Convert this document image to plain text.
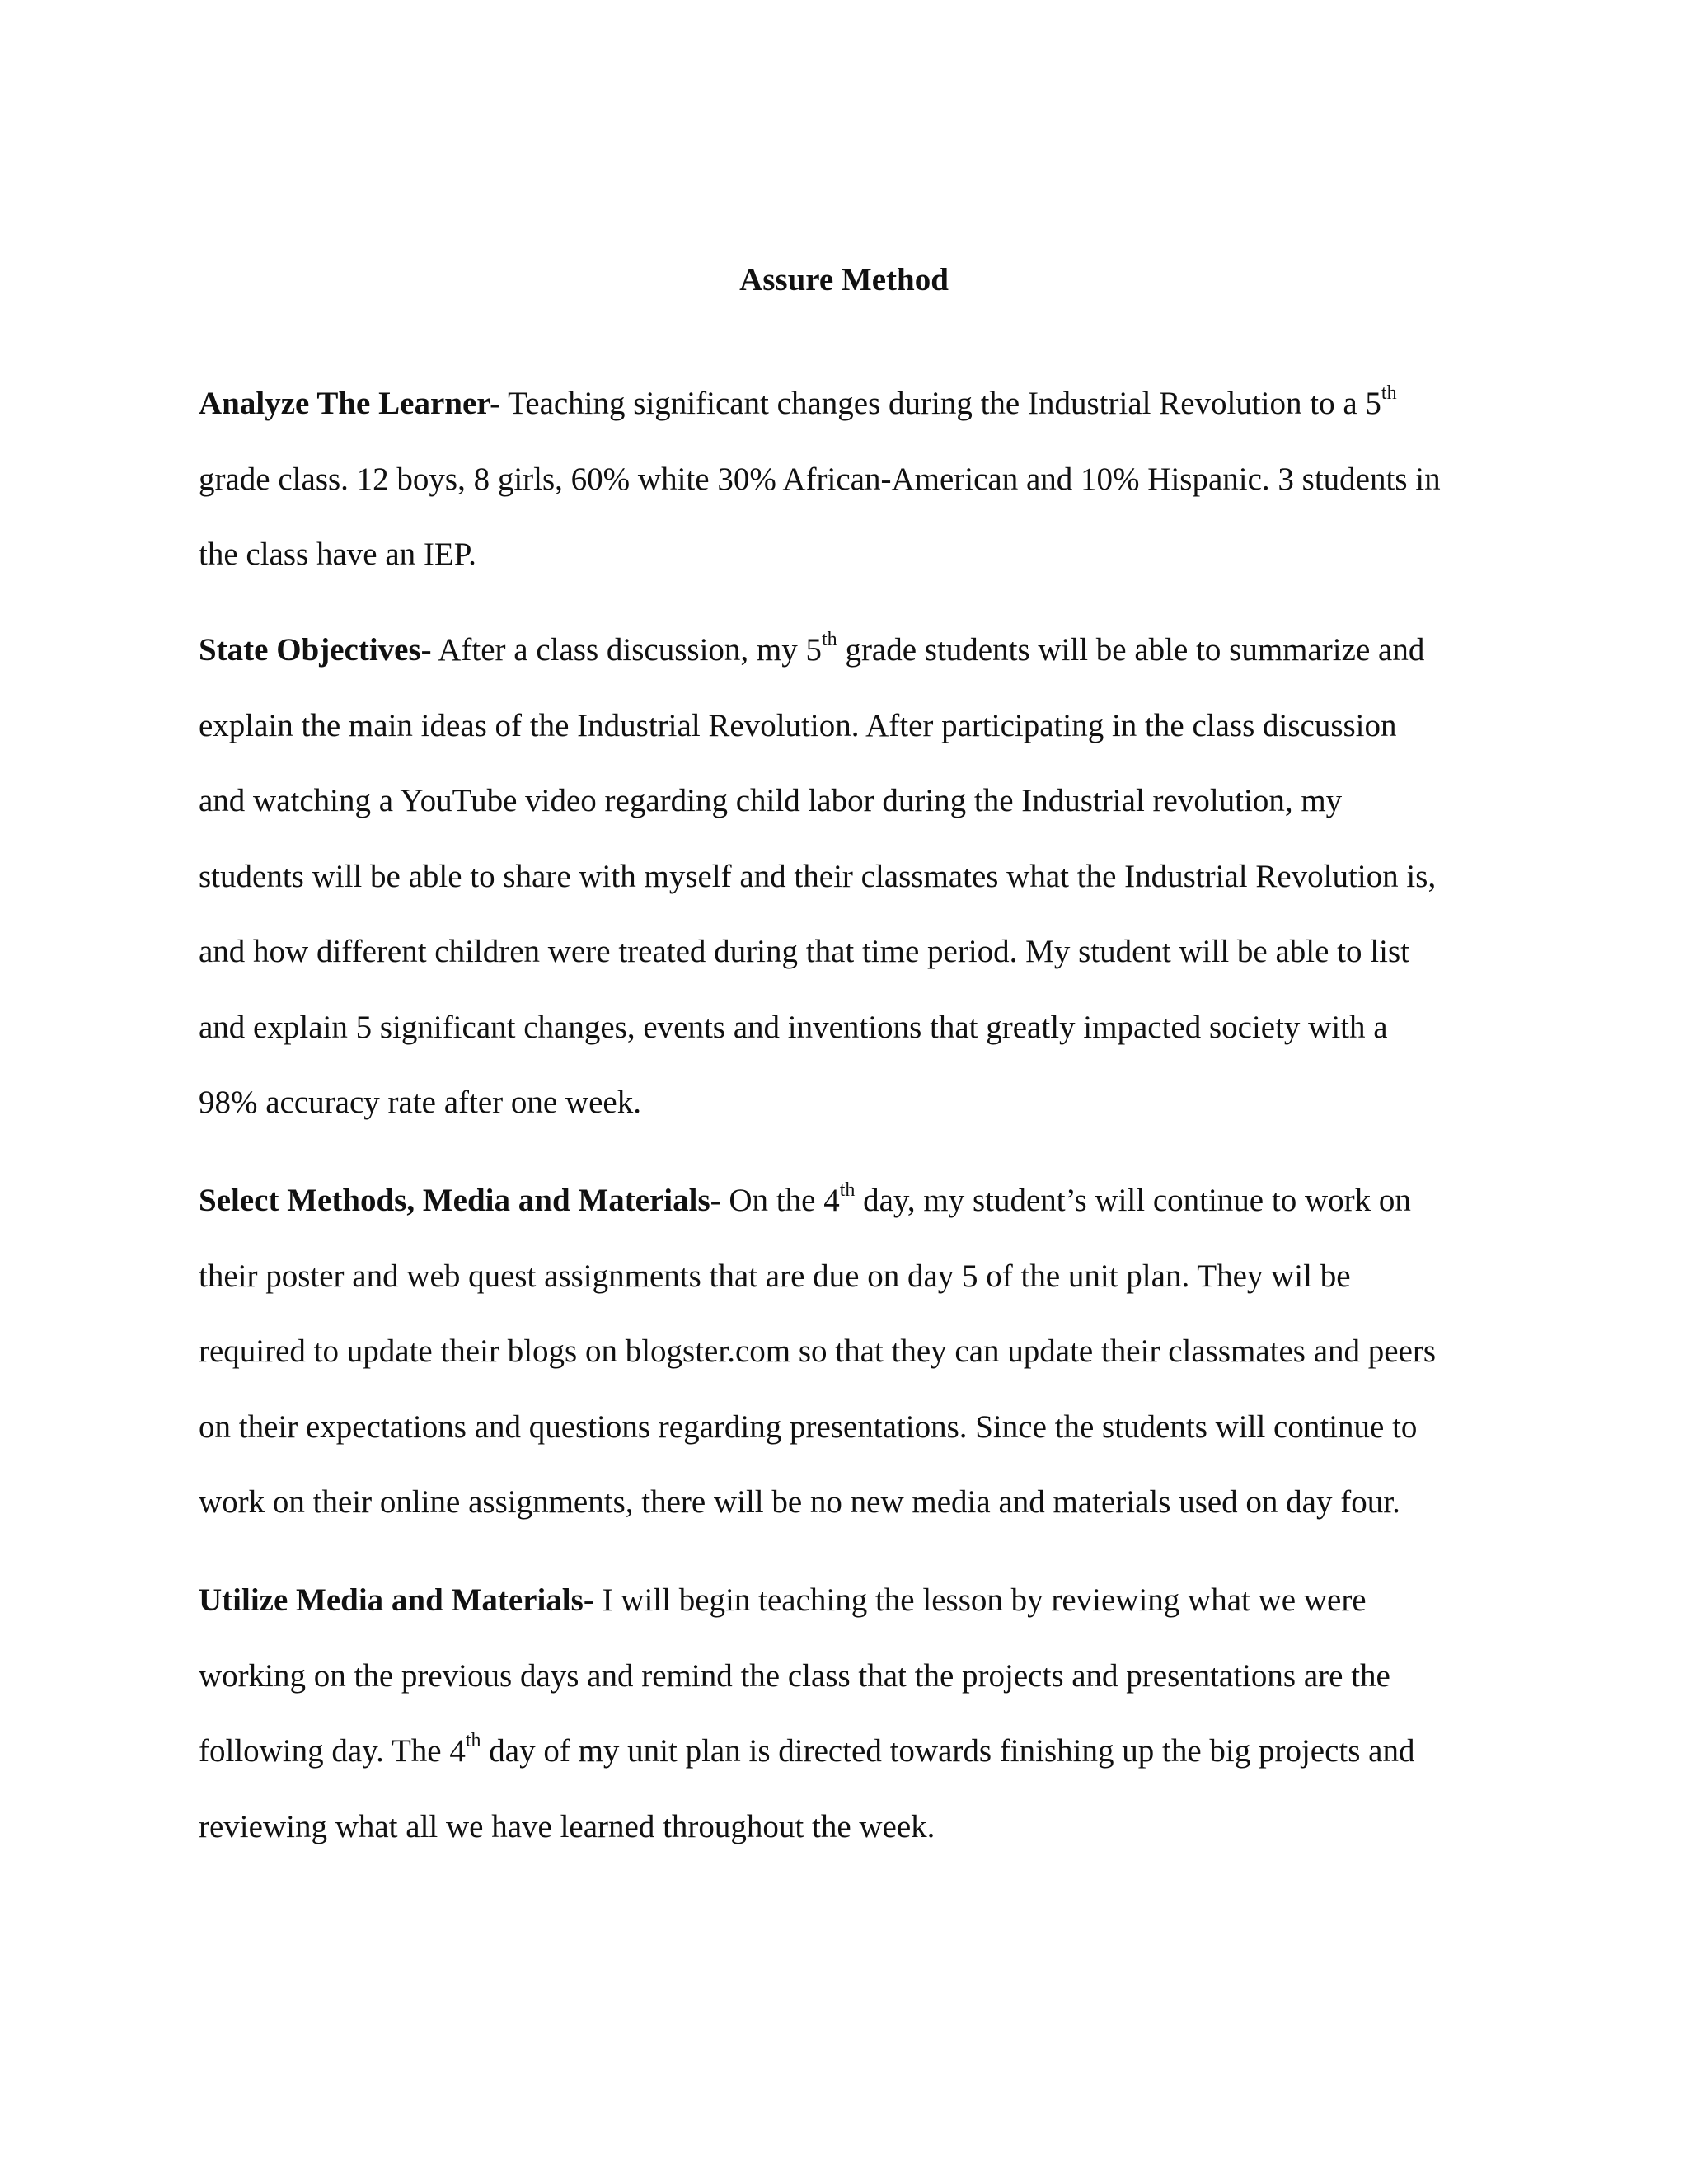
Assure Method

Analyze The Learner- Teaching significant changes during the Industrial Revolution to a 5th
grade class. 12 boys, 8 girls, 60% white 30% African-American and 10% Hispanic. 3 students in
the class have an IEP.

State Objectives- After a class discussion, my 5th grade students will be able to summarize and
explain the main ideas of the Industrial Revolution. After participating in the class discussion
and watching a YouTube video regarding child labor during the Industrial revolution, my
students will be able to share with myself and their classmates what the Industrial Revolution is,
and how different children were treated during that time period. My student will be able to list
and explain 5 significant changes, events and inventions that greatly impacted society with a
98% accuracy rate after one week.

Select Methods, Media and Materials- On the 4th day, my student’s will continue to work on
their poster and web quest assignments that are due on day 5 of the unit plan. They wil be
required to update their blogs on blogster.com so that they can update their classmates and peers
on their expectations and questions regarding presentations. Since the students will continue to
work on their online assignments, there will be no new media and materials used on day four.

Utilize Media and Materials- I will begin teaching the lesson by reviewing what we were
working on the previous days and remind the class that the projects and presentations are the
following day. The 4th day of my unit plan is directed towards finishing up the big projects and
reviewing what all we have learned throughout the week.
